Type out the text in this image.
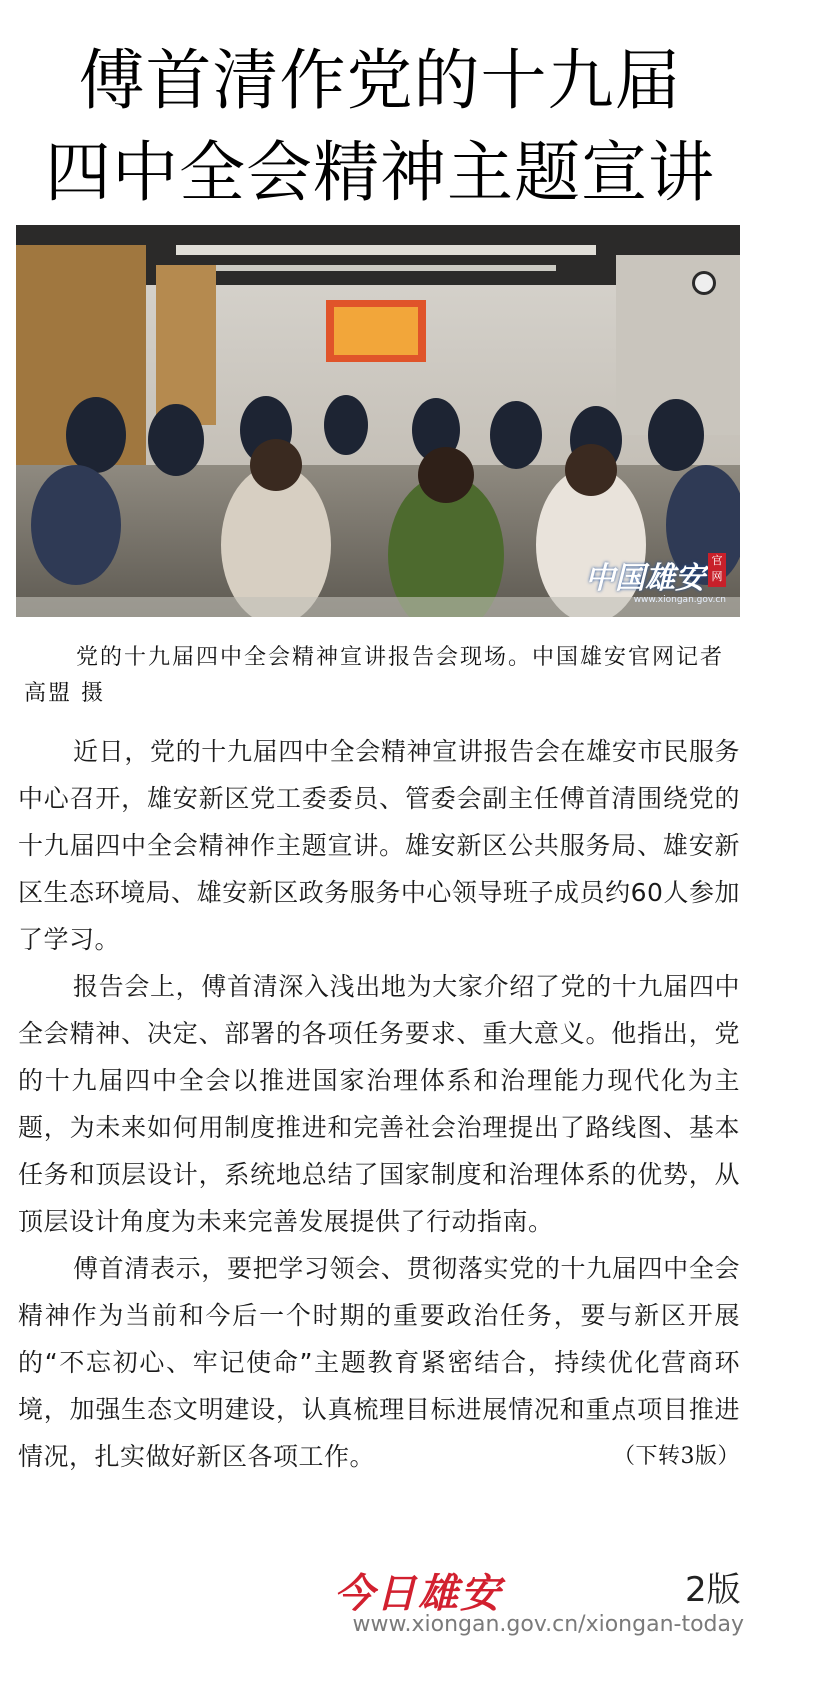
傅首清作党的十九届
四中全会精神主题宣讲
中国雄安官网
www.xiongan.gov.cn
党的十九届四中全会精神宣讲报告会现场。中国雄安官网记者高盟 摄

近日，党的十九届四中全会精神宣讲报告会在雄安市民服务中心召开，雄安新区党工委委员、管委会副主任傅首清围绕党的十九届四中全会精神作主题宣讲。雄安新区公共服务局、雄安新区生态环境局、雄安新区政务服务中心领导班子成员约60人参加了学习。

报告会上，傅首清深入浅出地为大家介绍了党的十九届四中全会精神、决定、部署的各项任务要求、重大意义。他指出，党的十九届四中全会以推进国家治理体系和治理能力现代化为主题，为未来如何用制度推进和完善社会治理提出了路线图、基本任务和顶层设计，系统地总结了国家制度和治理体系的优势，从顶层设计角度为未来完善发展提供了行动指南。

傅首清表示，要把学习领会、贯彻落实党的十九届四中全会精神作为当前和今后一个时期的重要政治任务，要与新区开展的“不忘初心、牢记使命”主题教育紧密结合，持续优化营商环境，加强生态文明建设，认真梳理目标进展情况和重点项目推进情况，扎实做好新区各项工作。	（下转3版）

今日雄安	2版
www.xiongan.gov.cn/xiongan-today
